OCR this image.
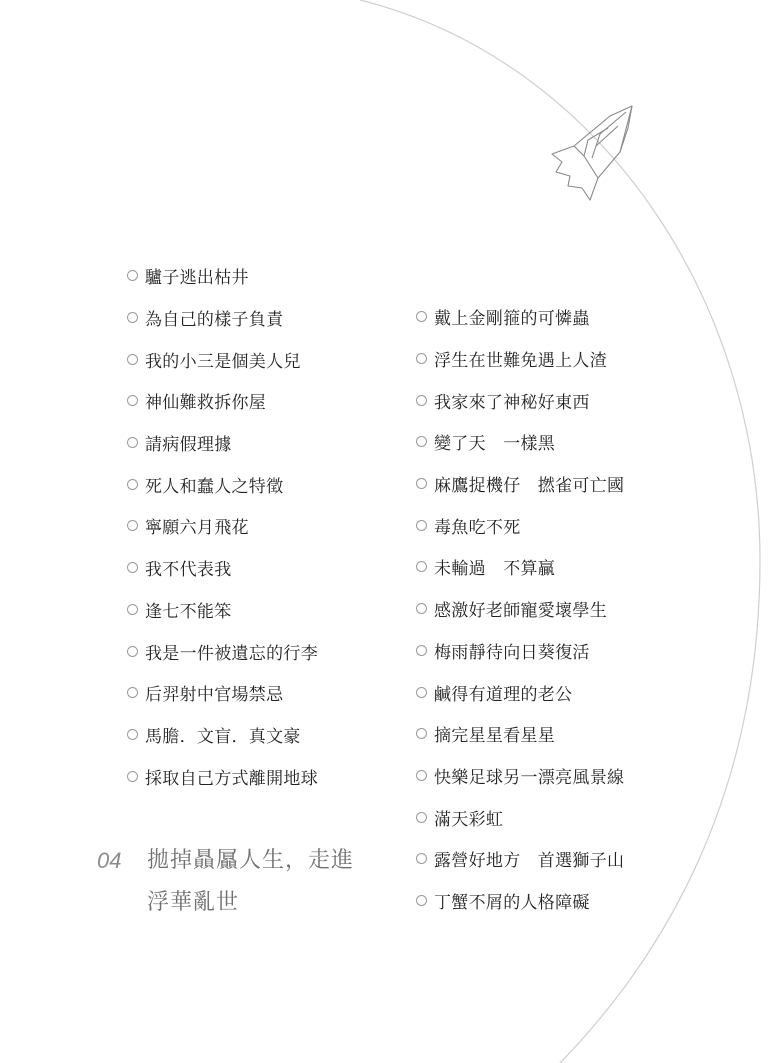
驢子逃出枯井
為自己的樣子負責
我的小三是個美人兒
神仙難救拆你屋
請病假理據
死人和蠢人之特徵
寧願六月飛花
我不代表我
逢七不能笨
我是一件被遺忘的行李
后羿射中官場禁忌
馬膽．文盲．真文豪
採取自己方式離開地球
戴上金剛箍的可憐蟲
浮生在世難免遇上人渣
我家來了神秘好東西
變了天　一樣黑
麻鷹捉機仔　撚雀可亡國
毒魚吃不死
未輸過　不算贏
感激好老師寵愛壞學生
梅雨靜待向日葵復活
鹹得有道理的老公
摘完星星看星星
快樂足球另一漂亮風景線
滿天彩虹
露營好地方　首選獅子山
丁蟹不屑的人格障礙
04	拋掉贔屭人生，走進
浮華亂世
